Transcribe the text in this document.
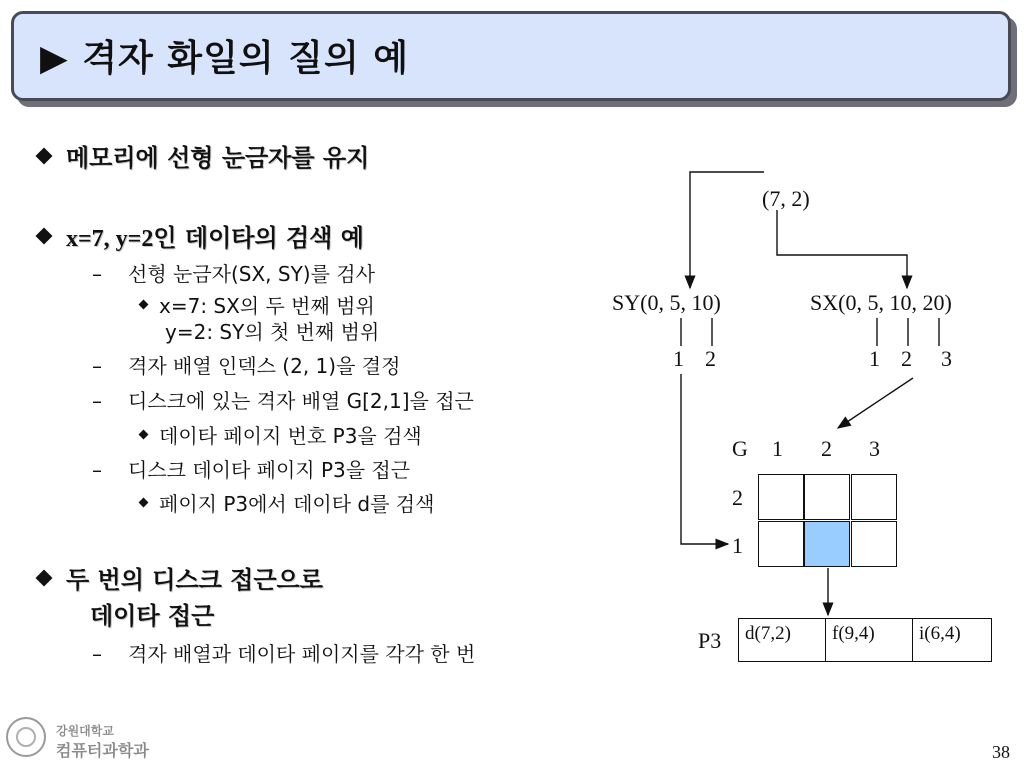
▶ 격자 화일의 질의 예
메모리에 선형 눈금자를 유지
x=7, y=2인 데이타의 검색 예
– 선형 눈금자(SX, SY)를 검사
x=7: SX의 두 번째 범위
y=2: SY의 첫 번째 범위
– 격자 배열 인덱스 (2, 1)을 결정
– 디스크에 있는 격자 배열 G[2,1]을 접근
데이타 페이지 번호 P3을 검색
– 디스크 데이타 페이지 P3을 접근
페이지 P3에서 데이타 d를 검색
두 번의 디스크 접근으로
데이타 접근
– 격자 배열과 데이타 페이지를 각각 한 번
(7, 2)
SY(0, 5, 10)	SX(0, 5, 10, 20)
1 2	1 2 3
G 1 2 3
2
1
P3 d(7,2)	f(9,4)	i(6,4)
강원대학교
컴퓨터과학과	38
